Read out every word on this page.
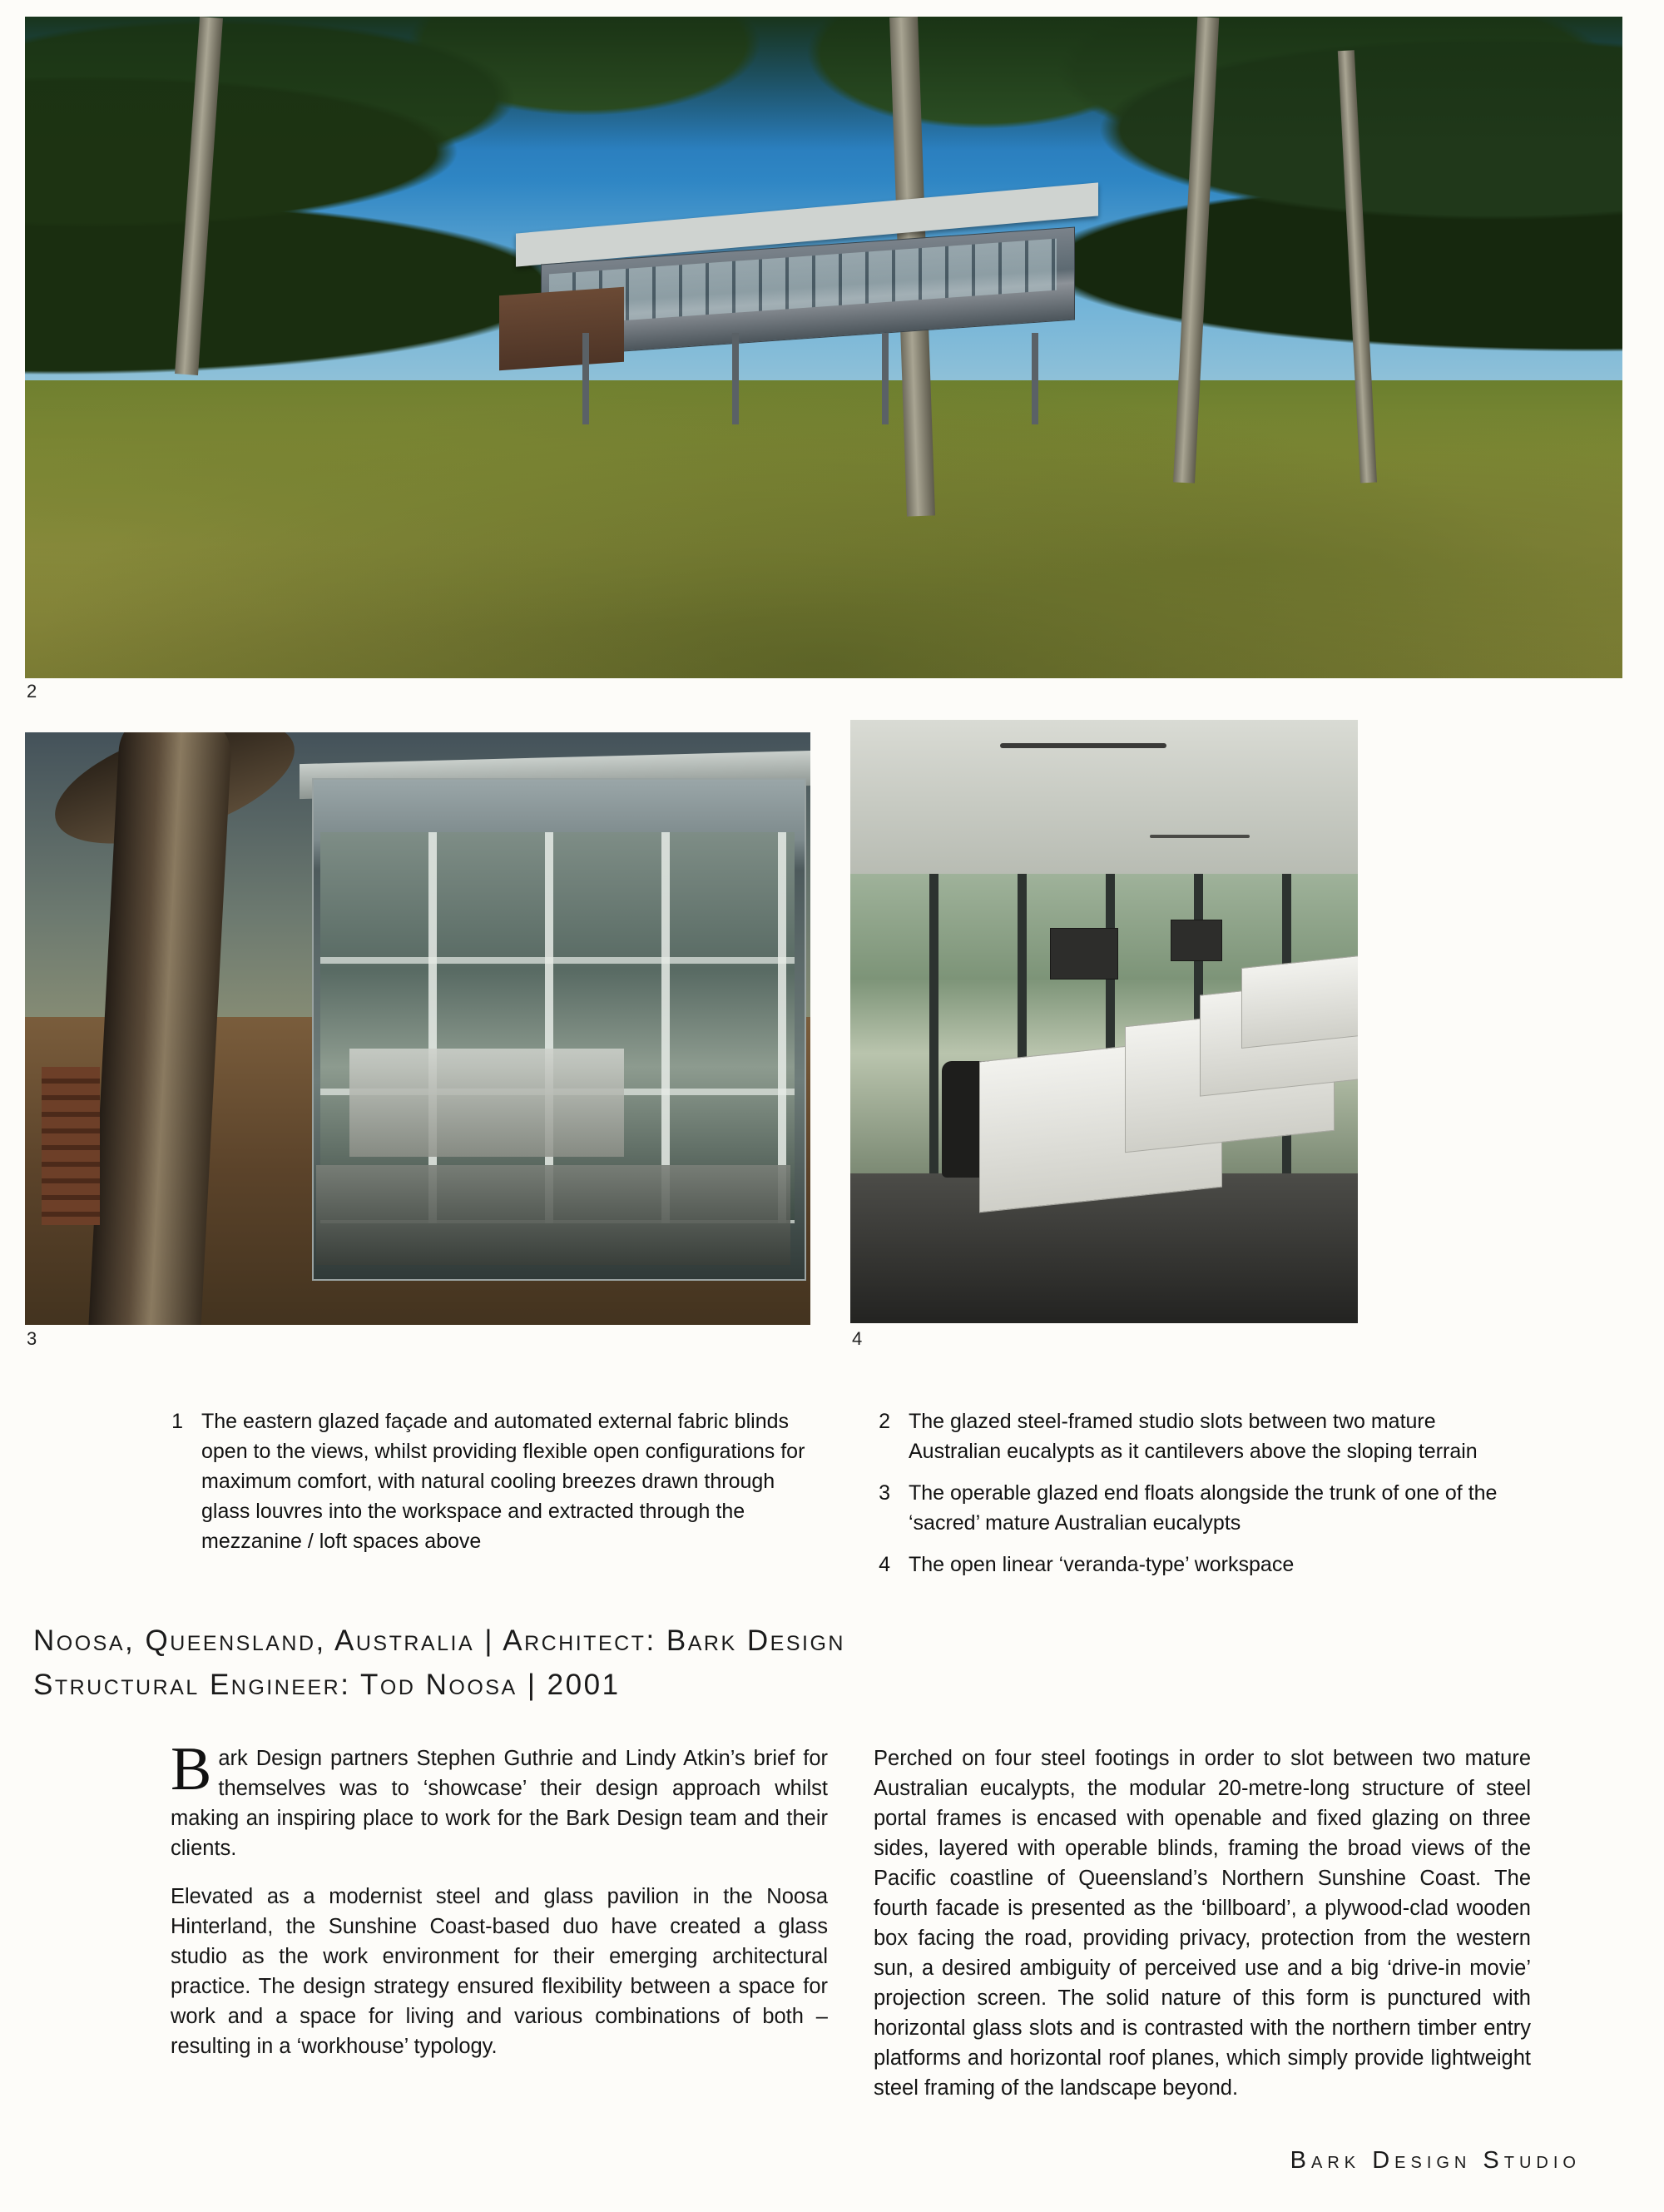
2
3	4
1 The eastern glazed façade and automated external fabric blinds open to the views, whilst providing flexible open configurations for maximum comfort, with natural cooling breezes drawn through glass louvres into the workspace and extracted through the mezzanine / loft spaces above
2 The glazed steel-framed studio slots between two mature Australian eucalypts as it cantilevers above the sloping terrain
3 The operable glazed end floats alongside the trunk of one of the ‘sacred’ mature Australian eucalypts
4 The open linear ‘veranda-type’ workspace
Noosa, Queensland, Australia | Architect: Bark Design
Structural Engineer: Tod Noosa | 2001

Bark Design partners Stephen Guthrie and Lindy Atkin’s brief for themselves was to ‘showcase’ their design approach whilst making an inspiring place to work for the Bark Design team and their clients.

Elevated as a modernist steel and glass pavilion in the Noosa Hinterland, the Sunshine Coast-based duo have created a glass studio as the work environment for their emerging architectural practice. The design strategy ensured flexibility between a space for work and a space for living and various combinations of both – resulting in a ‘workhouse’ typology.

Perched on four steel footings in order to slot between two mature Australian eucalypts, the modular 20-metre-long structure of steel portal frames is encased with openable and fixed glazing on three sides, layered with operable blinds, framing the broad views of the Pacific coastline of Queensland’s Northern Sunshine Coast. The fourth facade is presented as the ‘billboard’, a plywood-clad wooden box facing the road, providing privacy, protection from the western sun, a desired ambiguity of perceived use and a big ‘drive-in movie’ projection screen. The solid nature of this form is punctured with horizontal glass slots and is contrasted with the northern timber entry platforms and horizontal roof planes, which simply provide lightweight steel framing of the landscape beyond.

Bark Design Studio
